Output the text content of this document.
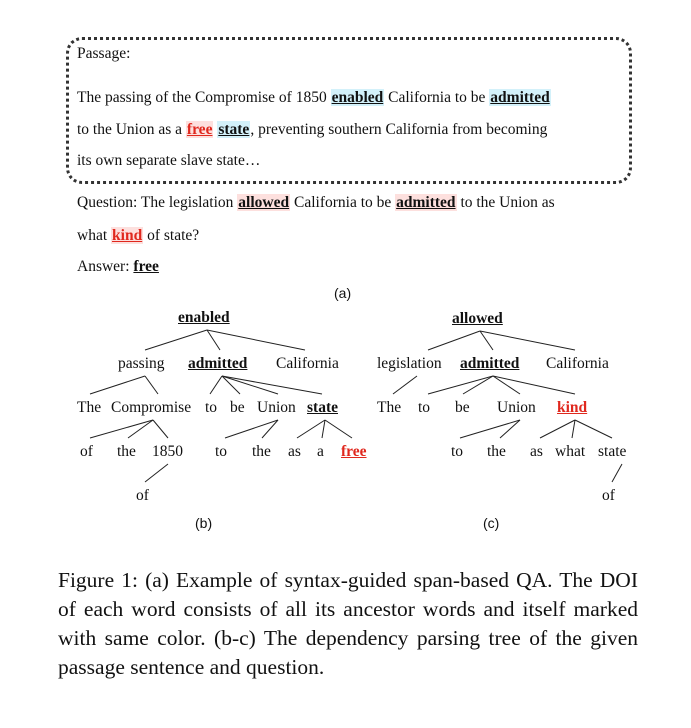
Passage:
The passing of the Compromise of 1850 enabled California to be admitted
to the Union as a free state, preventing southern California from becoming
its own separate slave state…
Question: The legislation allowed California to be admitted to the Union as
what kind of state?
Answer: free
(a)
enabled
passing admitted California
The Compromise to be Union state
of the 1850 to the as a free
of
allowed
legislation admitted California
The to be Union kind
to the as what state
of
(b)	(c)
Figure 1: (a) Example of syntax-guided span-based QA. The DOI of each word consists of all its ancestor words and itself marked with same color. (b-c) The dependency parsing tree of the given passage sentence and question.
